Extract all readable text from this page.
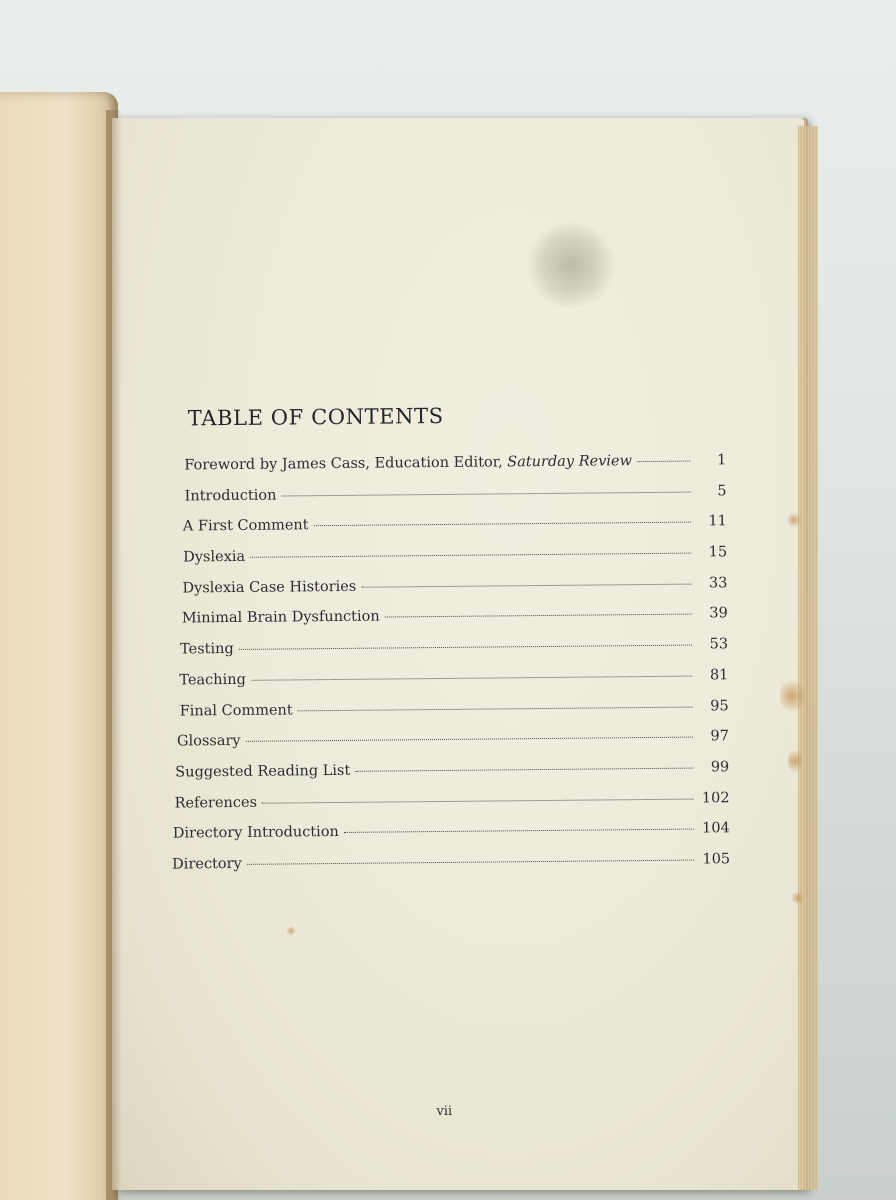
TABLE OF CONTENTS
Foreword by James Cass, Education Editor, Saturday Review	1
Introduction	5
A First Comment	11
Dyslexia	15
Dyslexia Case Histories	33
Minimal Brain Dysfunction	39
Testing	53
Teaching	81
Final Comment	95
Glossary	97
Suggested Reading List	99
References	102
Directory Introduction	104
Directory	105
vii
